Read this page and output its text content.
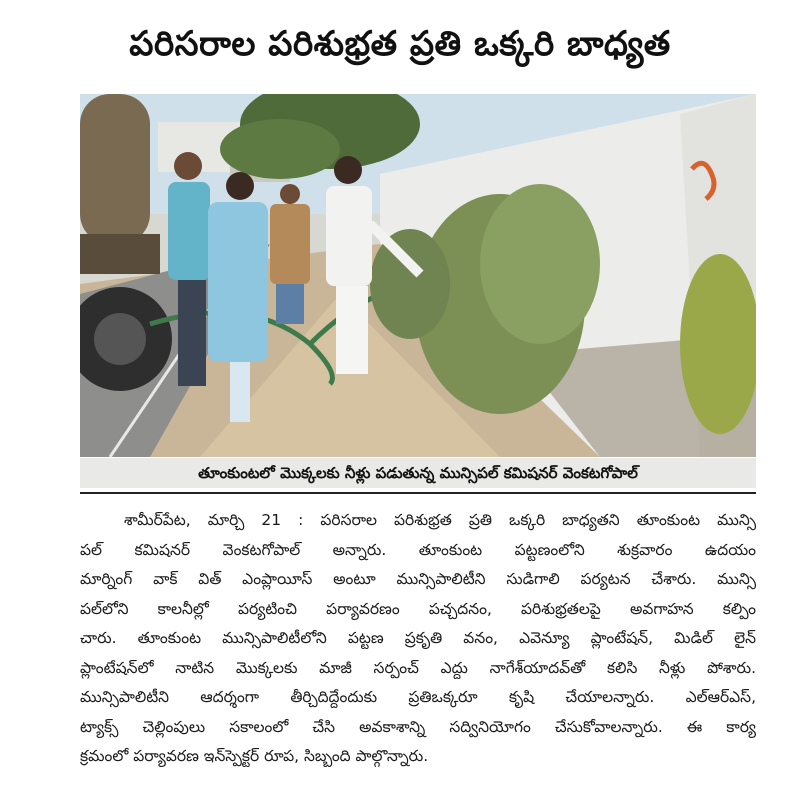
పరిసరాల పరిశుభ్రత ప్రతి ఒక్కరి బాధ్యత
తూంకుంటలో మొక్కలకు నీళ్లు పడుతున్న మున్సిపల్ కమిషనర్ వెంకటగోపాల్
శామీర్‌పేట, మార్చి 21 : పరిసరాల పరిశుభ్రత ప్రతి ఒక్కరి బాధ్యతని తూంకుంట మున్సి
పల్ కమిషనర్ వెంకటగోపాల్ అన్నారు. తూంకుంట పట్టణంలోని శుక్రవారం ఉదయం
మార్నింగ్ వాక్ విత్ ఎంప్లాయీస్ అంటూ మున్సిపాలిటీని సుడిగాలి పర్యటన చేశారు. మున్సి
పల్‌లోని కాలనీల్లో పర్యటించి పర్యావరణం పచ్చదనం, పరిశుభ్రతలపై అవగాహన కల్పిం
చారు. తూంకుంట మున్సిపాలిటీలోని పట్టణ ప్రకృతి వనం, ఎవెన్యూ ప్లాంటేషన్, మిడిల్ లైన్
ప్లాంటేషన్‌లో నాటిన మొక్కలకు మాజీ సర్పంచ్ ఎద్దు నాగేశ్‌యాదవ్‌తో కలిసి నీళ్లు పోశారు.
మున్సిపాలిటీని ఆదర్శంగా తీర్చిదిద్దేందుకు ప్రతిఒక్కరూ కృషి చేయాలన్నారు. ఎల్‌ఆర్‌ఎస్,
ట్యాక్స్ చెల్లింపులు సకాలంలో చేసి అవకాశాన్ని సద్వినియోగం చేసుకోవాలన్నారు. ఈ కార్య
క్రమంలో పర్యావరణ ఇన్‌స్పెక్టర్ రూప, సిబ్బంది పాల్గొన్నారు.
